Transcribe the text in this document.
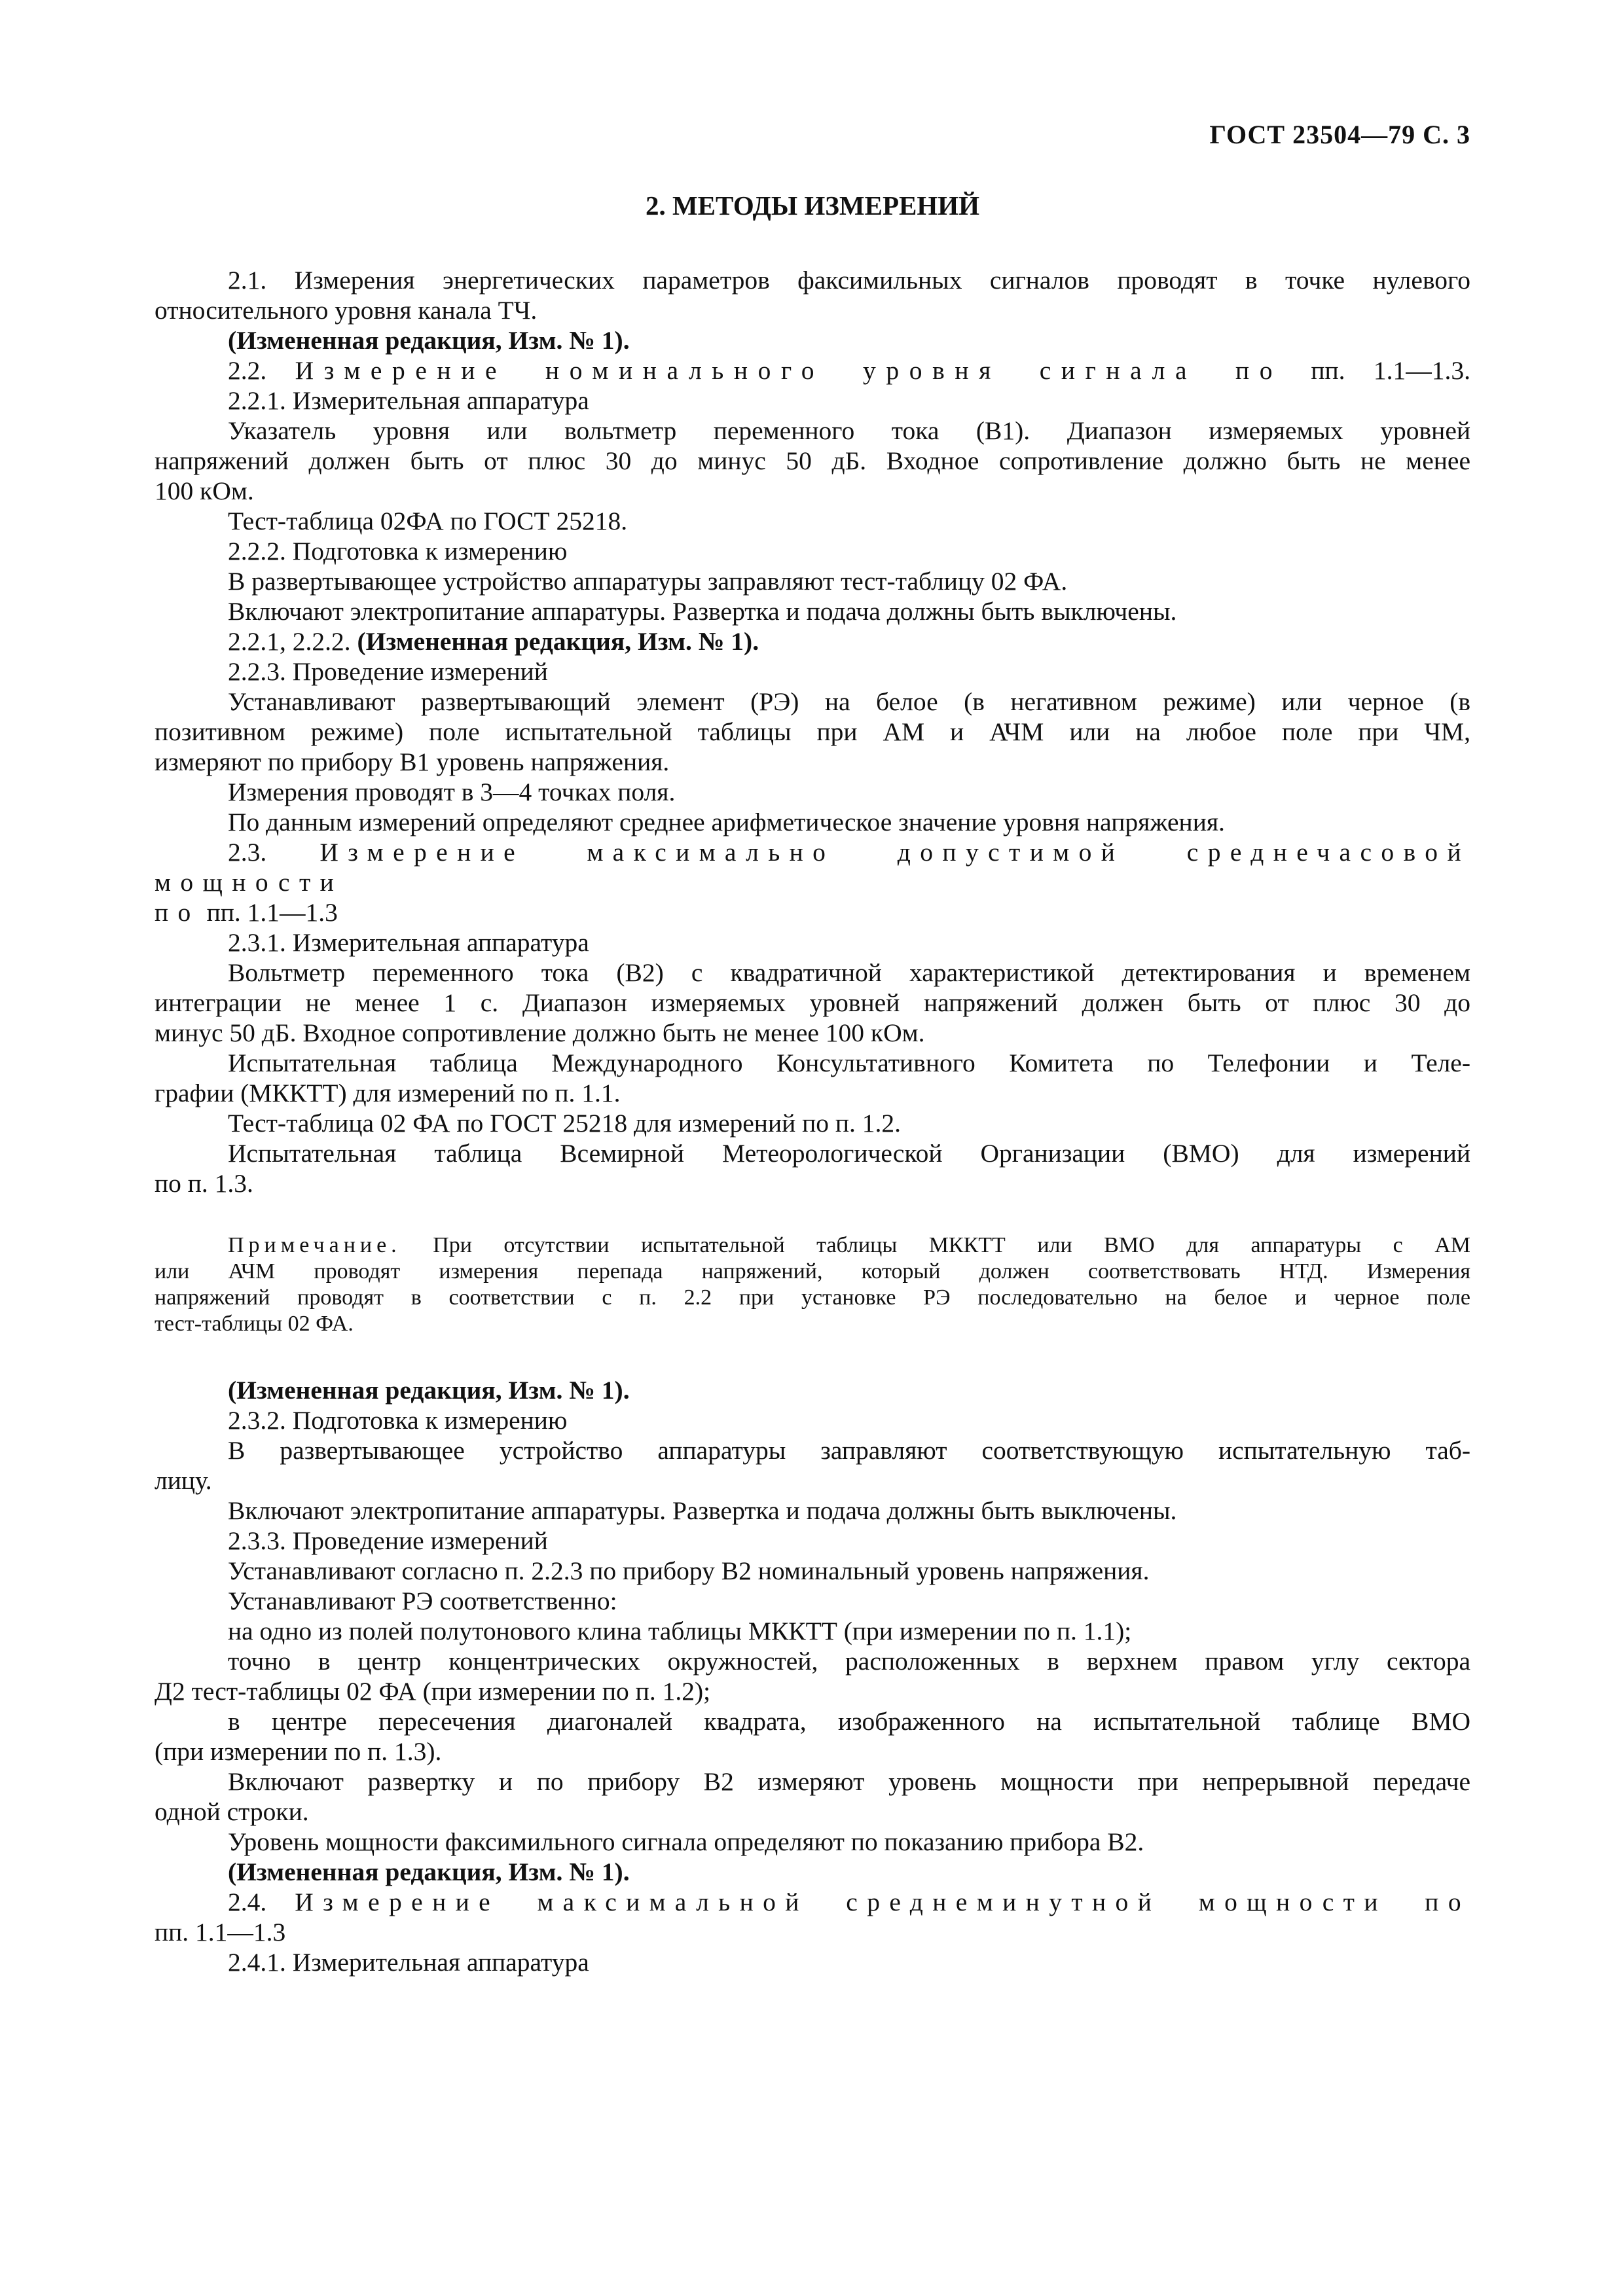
ГОСТ 23504—79 С. 3
2. МЕТОДЫ ИЗМЕРЕНИЙ

2.1. Измерения энергетических параметров факсимильных сигналов проводят в точке нулевого

относительного уровня канала ТЧ.

(Измененная редакция, Изм. № 1).

2.2. Измерение номинального уровня сигнала по пп. 1.1—1.3.

2.2.1. Измерительная аппаратура

Указатель уровня или вольтметр переменного тока (В1). Диапазон измеряемых уровней

напряжений должен быть от плюс 30 до минус 50 дБ. Входное сопротивление должно быть не менее

100 кОм.

Тест-таблица 02ФА по ГОСТ 25218.

2.2.2. Подготовка к измерению

В развертывающее устройство аппаратуры заправляют тест-таблицу 02 ФА.

Включают электропитание аппаратуры. Развертка и подача должны быть выключены.

2.2.1, 2.2.2. (Измененная редакция, Изм. № 1).

2.2.3. Проведение измерений

Устанавливают развертывающий элемент (РЭ) на белое (в негативном режиме) или черное (в

позитивном режиме) поле испытательной таблицы при АМ и АЧМ или на любое поле при ЧМ,

измеряют по прибору В1 уровень напряжения.

Измерения проводят в 3—4 точках поля.

По данным измерений определяют среднее арифметическое значение уровня напряжения.

2.3. Измерение максимально допустимой среднечасовой мощности

по пп. 1.1—1.3

2.3.1. Измерительная аппаратура

Вольтметр переменного тока (В2) с квадратичной характеристикой детектирования и временем

интеграции не менее 1 с. Диапазон измеряемых уровней напряжений должен быть от плюс 30 до

минус 50 дБ. Входное сопротивление должно быть не менее 100 кОм.

Испытательная таблица Международного Консультативного Комитета по Телефонии и Теле-

графии (МККТТ) для измерений по п. 1.1.

Тест-таблица 02 ФА по ГОСТ 25218 для измерений по п. 1.2.

Испытательная таблица Всемирной Метеорологической Организации (ВМО) для измерений

по п. 1.3.

Примечание. При отсутствии испытательной таблицы МККТТ или ВМО для аппаратуры с АМ

или АЧМ проводят измерения перепада напряжений, который должен соответствовать НТД. Измерения

напряжений проводят в соответствии с п. 2.2 при установке РЭ последовательно на белое и черное поле

тест-таблицы 02 ФА.

(Измененная редакция, Изм. № 1).

2.3.2. Подготовка к измерению

В развертывающее устройство аппаратуры заправляют соответствующую испытательную таб-

лицу.

Включают электропитание аппаратуры. Развертка и подача должны быть выключены.

2.3.3. Проведение измерений

Устанавливают согласно п. 2.2.3 по прибору В2 номинальный уровень напряжения.

Устанавливают РЭ соответственно:

на одно из полей полутонового клина таблицы МККТТ (при измерении по п. 1.1);

точно в центр концентрических окружностей, расположенных в верхнем правом углу сектора

Д2 тест-таблицы 02 ФА (при измерении по п. 1.2);

в центре пересечения диагоналей квадрата, изображенного на испытательной таблице ВМО

(при измерении по п. 1.3).

Включают развертку и по прибору В2 измеряют уровень мощности при непрерывной передаче

одной строки.

Уровень мощности факсимильного сигнала определяют по показанию прибора В2.

(Измененная редакция, Изм. № 1).

2.4. Измерение максимальной среднеминутной мощности по

пп. 1.1—1.3

2.4.1. Измерительная аппаратура
